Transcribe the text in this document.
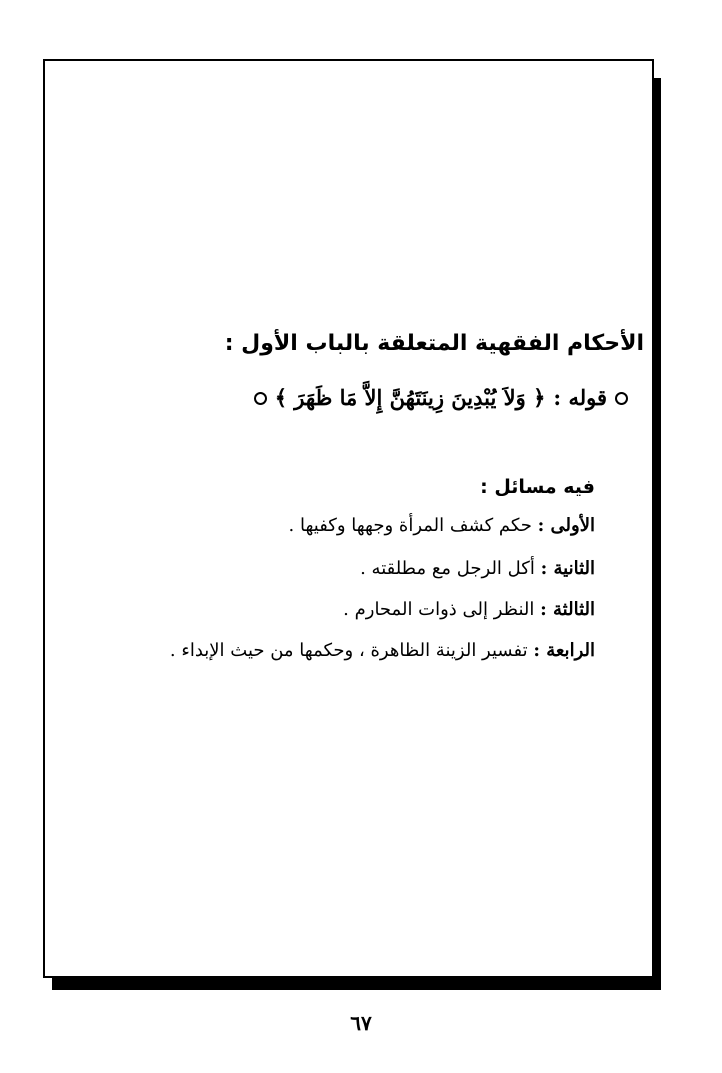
الأحكام الفقهية المتعلقة بالباب الأول :
قوله :
﴿ وَلاَ يُبْدِينَ زِينَتَهُنَّ إِلاَّ مَا ظَهَرَ ﴾
فيه مسائل :
الأولى : حكم كشف المرأة وجهها وكفيها .
الثانية : أكل الرجل مع مطلقته .
الثالثة : النظر إلى ذوات المحارم .
الرابعة : تفسير الزينة الظاهرة ، وحكمها من حيث الإبداء .
٦٧
